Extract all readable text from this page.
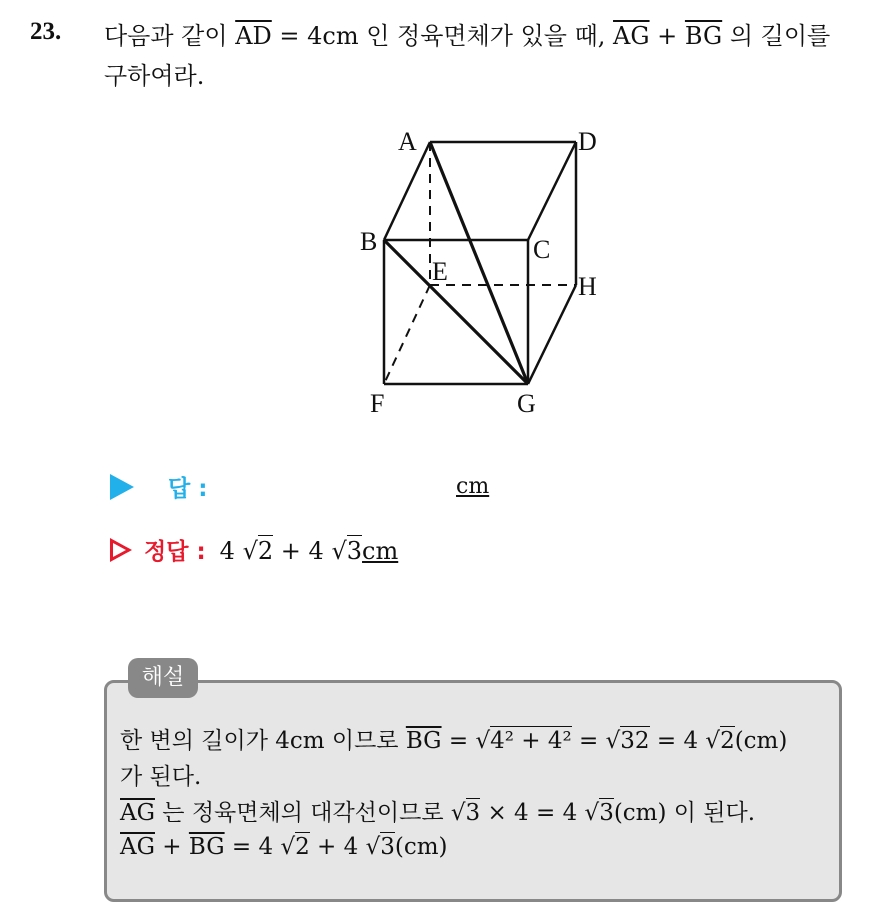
23. 다음과 같이 $\overline{AD} = 4cm$ 인 정육면체가 있을 때, $\overline{AG} + \overline{BG}$ 의 길이를
구하여라.
A	D
B	C
E
H
F	G
답 :	cm
정답 : 4 √2 + 4 √3cm
해설
한 변의 길이가 4cm 이므로 $\overline{BG} = √4^2 + 4^2 = √32 = 4$ √2(cm)
가 된다.
$\overline{AG}$ 는 정육면체의 대각선이므로 √3 × 4 = 4 √3(cm) 이 된다.
$\overline{AG} + \overline{BG} = 4$ √2 + 4 √3(cm)
